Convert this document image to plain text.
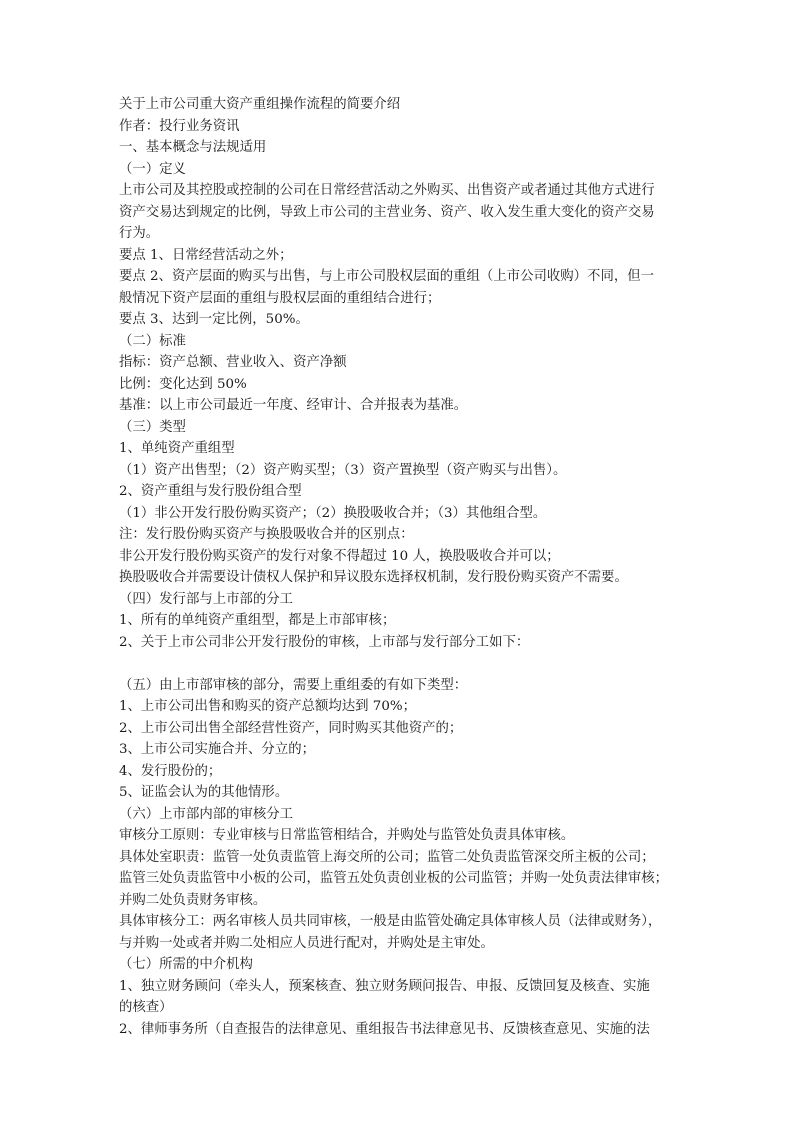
关于上市公司重大资产重组操作流程的简要介绍
作者：投行业务资讯
一、基本概念与法规适用
（一）定义
上市公司及其控股或控制的公司在日常经营活动之外购买、出售资产或者通过其他方式进行
资产交易达到规定的比例，导致上市公司的主营业务、资产、收入发生重大变化的资产交易
行为。
要点 1、日常经营活动之外；
要点 2、资产层面的购买与出售，与上市公司股权层面的重组（上市公司收购）不同，但一
般情况下资产层面的重组与股权层面的重组结合进行；
要点 3、达到一定比例，50%。
（二）标准
指标：资产总额、营业收入、资产净额
比例：变化达到 50%
基准：以上市公司最近一年度、经审计、合并报表为基准。
（三）类型
1、单纯资产重组型
（1）资产出售型；（2）资产购买型；（3）资产置换型（资产购买与出售）。
2、资产重组与发行股份组合型
（1）非公开发行股份购买资产；（2）换股吸收合并；（3）其他组合型。
注：发行股份购买资产与换股吸收合并的区别点：
非公开发行股份购买资产的发行对象不得超过 10 人，换股吸收合并可以；
换股吸收合并需要设计债权人保护和异议股东选择权机制，发行股份购买资产不需要。
（四）发行部与上市部的分工
1、所有的单纯资产重组型，都是上市部审核；
2、关于上市公司非公开发行股份的审核，上市部与发行部分工如下：
（五）由上市部审核的部分，需要上重组委的有如下类型：
1、上市公司出售和购买的资产总额均达到 70%；
2、上市公司出售全部经营性资产，同时购买其他资产的；
3、上市公司实施合并、分立的；
4、发行股份的；
5、证监会认为的其他情形。
（六）上市部内部的审核分工
审核分工原则：专业审核与日常监管相结合，并购处与监管处负责具体审核。
具体处室职责：监管一处负责监管上海交所的公司；监管二处负责监管深交所主板的公司；
监管三处负责监管中小板的公司，监管五处负责创业板的公司监管；并购一处负责法律审核；
并购二处负责财务审核。
具体审核分工：两名审核人员共同审核，一般是由监管处确定具体审核人员（法律或财务），
与并购一处或者并购二处相应人员进行配对，并购处是主审处。
（七）所需的中介机构
1、独立财务顾问（牵头人，预案核查、独立财务顾问报告、申报、反馈回复及核查、实施
的核查）
2、律师事务所（自查报告的法律意见、重组报告书法律意见书、反馈核查意见、实施的法
